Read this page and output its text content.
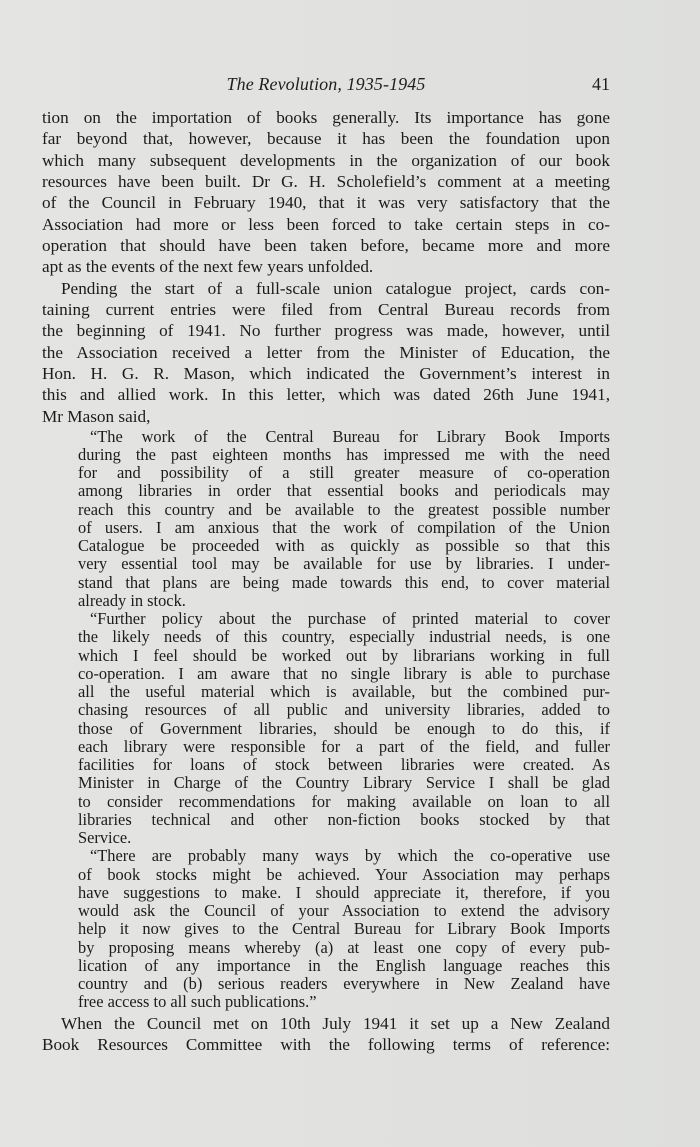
The Revolution, 1935-1945	41
tion on the importation of books generally. Its importance has gone
far beyond that, however, because it has been the foundation upon
which many subsequent developments in the organization of our book
resources have been built. Dr G. H. Scholefield’s comment at a meeting
of the Council in February 1940, that it was very satisfactory that the
Association had more or less been forced to take certain steps in co-
operation that should have been taken before, became more and more
apt as the events of the next few years unfolded.
Pending the start of a full-scale union catalogue project, cards con-
taining current entries were filed from Central Bureau records from
the beginning of 1941. No further progress was made, however, until
the Association received a letter from the Minister of Education, the
Hon. H. G. R. Mason, which indicated the Government’s interest in
this and allied work. In this letter, which was dated 26th June 1941,
Mr Mason said,
“The work of the Central Bureau for Library Book Imports
during the past eighteen months has impressed me with the need
for and possibility of a still greater measure of co-operation
among libraries in order that essential books and periodicals may
reach this country and be available to the greatest possible number
of users. I am anxious that the work of compilation of the Union
Catalogue be proceeded with as quickly as possible so that this
very essential tool may be available for use by libraries. I under-
stand that plans are being made towards this end, to cover material
already in stock.
“Further policy about the purchase of printed material to cover
the likely needs of this country, especially industrial needs, is one
which I feel should be worked out by librarians working in full
co-operation. I am aware that no single library is able to purchase
all the useful material which is available, but the combined pur-
chasing resources of all public and university libraries, added to
those of Government libraries, should be enough to do this, if
each library were responsible for a part of the field, and fuller
facilities for loans of stock between libraries were created. As
Minister in Charge of the Country Library Service I shall be glad
to consider recommendations for making available on loan to all
libraries technical and other non-fiction books stocked by that
Service.
“There are probably many ways by which the co-operative use
of book stocks might be achieved. Your Association may perhaps
have suggestions to make. I should appreciate it, therefore, if you
would ask the Council of your Association to extend the advisory
help it now gives to the Central Bureau for Library Book Imports
by proposing means whereby (a) at least one copy of every pub-
lication of any importance in the English language reaches this
country and (b) serious readers everywhere in New Zealand have
free access to all such publications.”
When the Council met on 10th July 1941 it set up a New Zealand
Book Resources Committee with the following terms of reference:
